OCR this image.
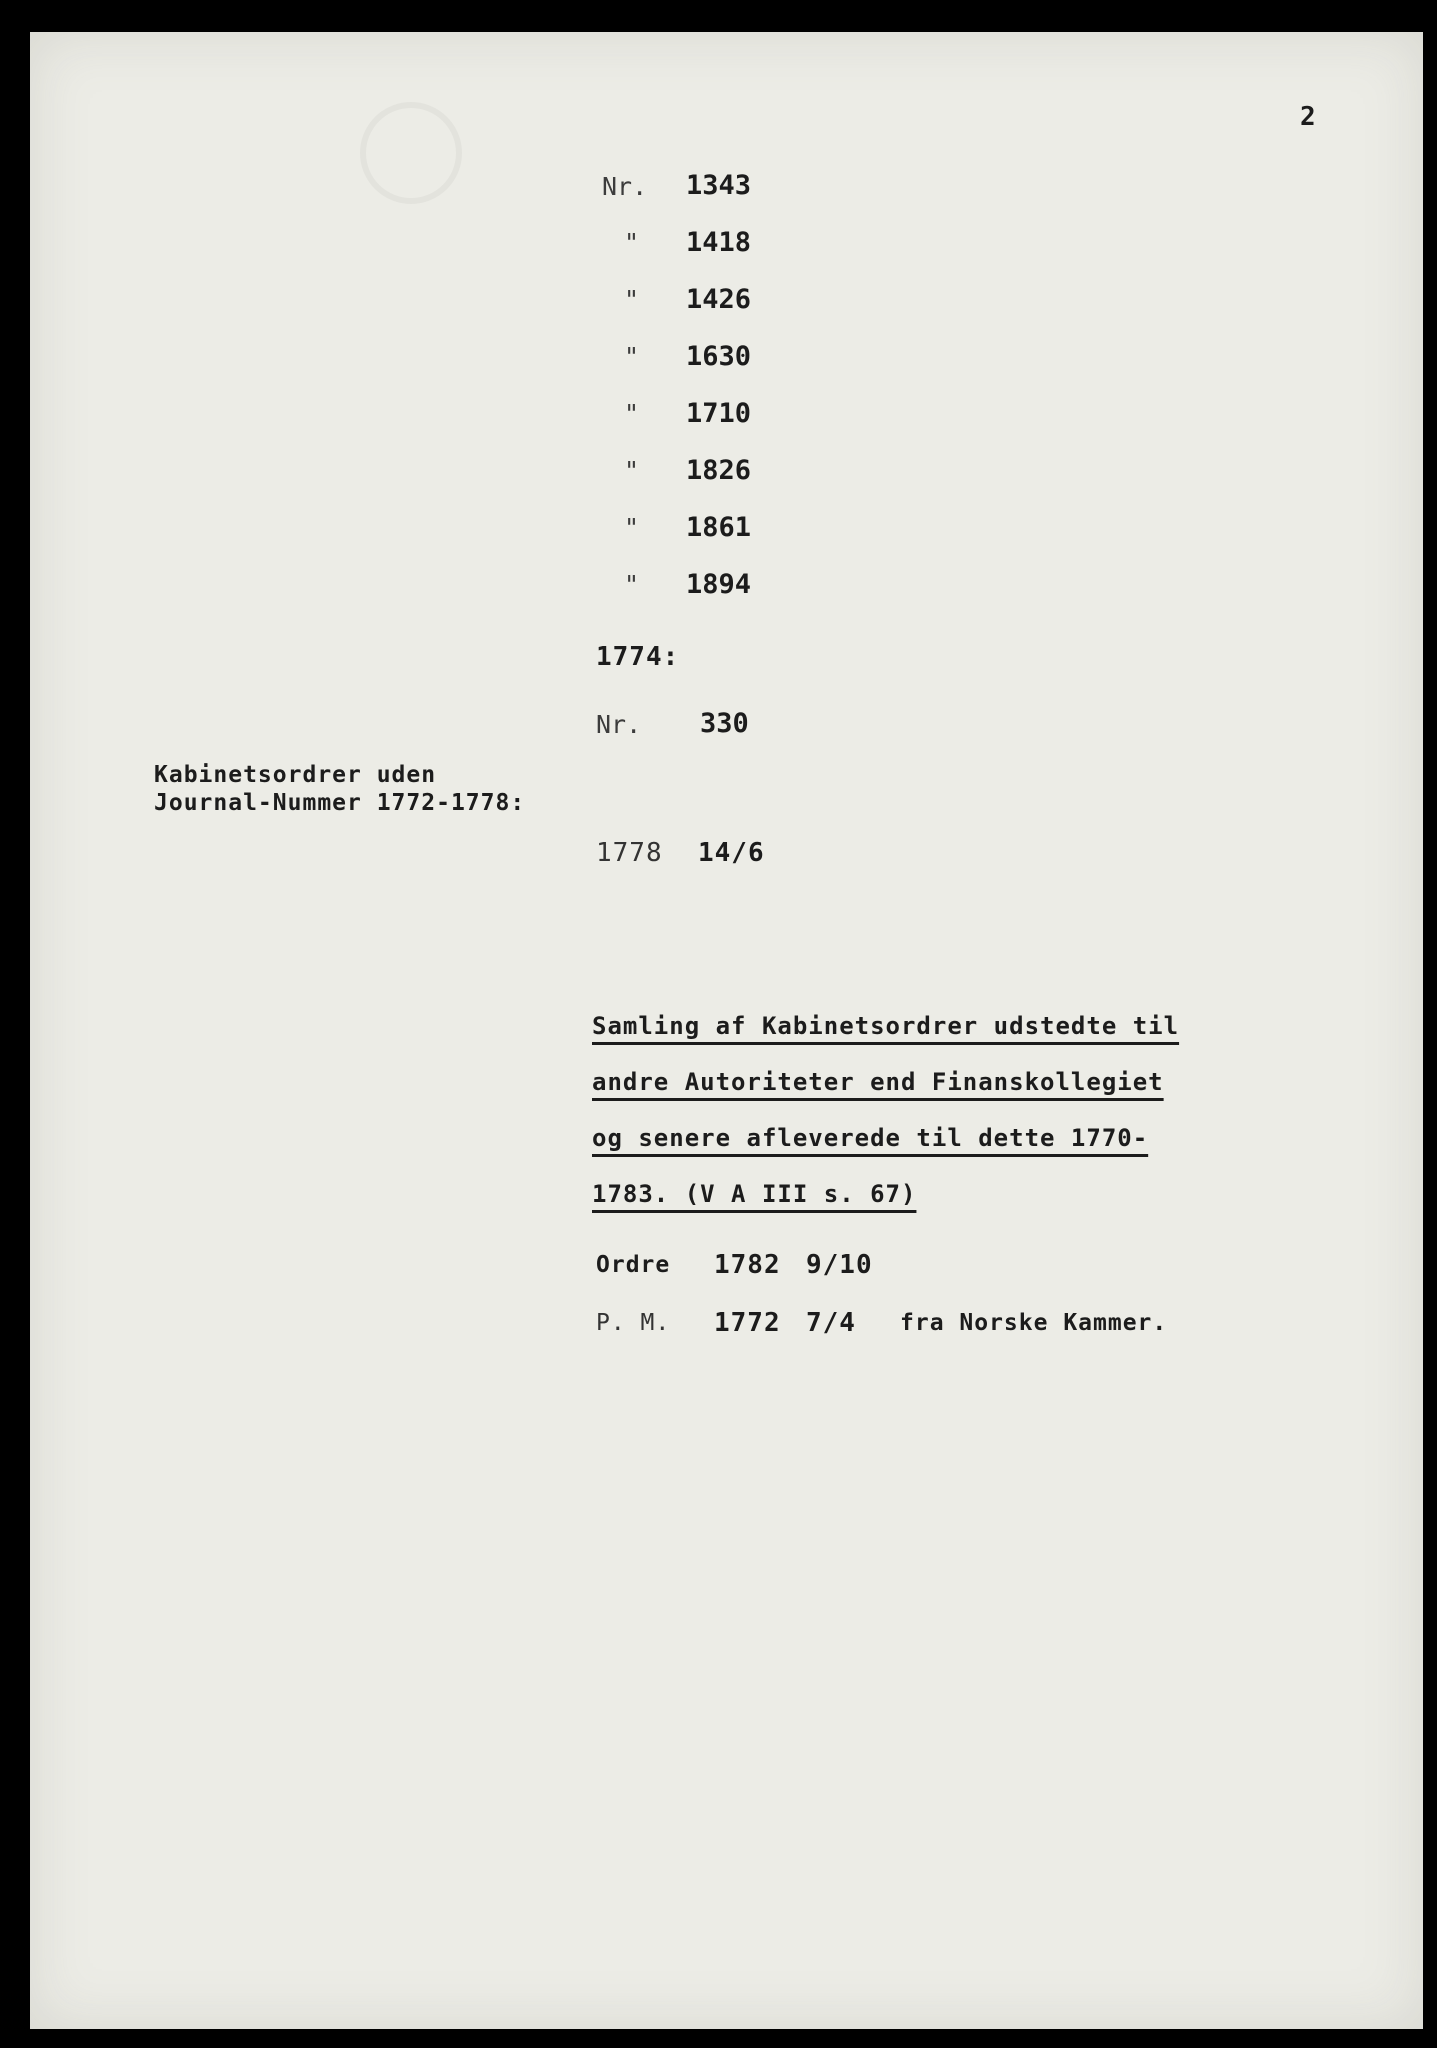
2
Nr. 1343
" 1418
" 1426
" 1630
" 1710
" 1826
" 1861
" 1894
1774:
Nr. 330
Kabinetsordrer uden
Journal-Nummer 1772-1778:
1778 14/6
Samling af Kabinetsordrer udstedte til
andre Autoriteter end Finanskollegiet
og senere afleverede til dette 1770-
1783. (V A III s. 67)
Ordre 1782 9/10
P. M. 1772 7/4 fra Norske Kammer.
